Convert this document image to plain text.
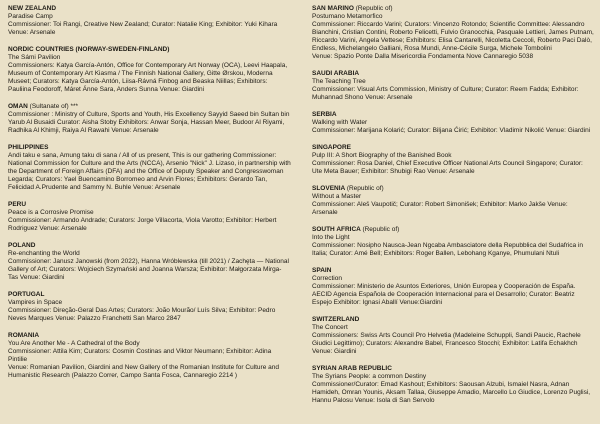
NEW ZEALAND

Paradise Camp

Commissioner: Toi Rangi, Creative New Zealand; Curator: Natalie King; Exhibitor: Yuki Kihara Venue: Arsenale

NORDIC COUNTRIES (NORWAY-SWEDEN-FINLAND)

The Sámi Pavilion

Commissioners: Katya García-Antón, Office for Contemporary Art Norway (OCA), Leevi Haapala, Museum of Contemporary Art Kiasma / The Finnish National Gallery, Gitte Ørskou, Moderna Museet; Curators: Katya García-Antón, Liisa-Rávná Finbog and Beaska Niillas; Exhibitors: Pauliina Feodoroff, Máret Ánne Sara, Anders Sunna Venue: Giardini

OMAN (Sultanate of) ***

Commissioner : Ministry of Culture, Sports and Youth, His Excellency Sayyid Saeed bin Sultan bin Yarub Al Busaidi Curator: Aisha Stoby Exhibitors: Anwar Sonja, Hassan Meer, Budoor Al Riyami, Radhika Al Khimji, Raiya Al Rawahi Venue: Arsenale

PHILIPPINES

Andi taku e sana, Amung taku di sana / All of us present, This is our gathering Commissioner: National Commission for Culture and the Arts (NCCA), Arsenio "Nick" J. Lizaso, in partnership with the Department of Foreign Affairs (DFA) and the Office of Deputy Speaker and Congresswoman Legarda; Curators: Yael Buencamino Borromeo and Arvin Flores; Exhibitors: Gerardo Tan, Felicidad A.Prudente and Sammy N. Buhle Venue: Arsenale

PERU

Peace is a Corrosive Promise

Commissioner: Armando Andrade; Curators: Jorge Villacorta, Viola Varotto; Exhibitor: Herbert Rodriguez Venue: Arsenale

POLAND

Re-enchanting the World

Commissioner: Janusz Janowski (from 2022), Hanna Wróblewska (till 2021) / Zachęta — National Gallery of Art; Curators: Wojciech Szymański and Joanna Warsza; Exhibitor: Małgorzata Mirga-Tas Venue: Giardini

PORTUGAL

Vampires in Space

Commissioner: Direção-Geral Das Artes; Curators: João Mourão/ Luís Silva; Exhibitor: Pedro Neves Marques Venue: Palazzo Franchetti San Marco 2847

ROMANIA

You Are Another Me - A Cathedral of the Body

Commissioner: Attila Kim; Curators: Cosmin Costinas and Viktor Neumann; Exhibitor: Adina Pintilie

Venue: Romanian Pavilion, Giardini and New Gallery of the Romanian Institute for Culture and Humanistic Research (Palazzo Correr, Campo Santa Fosca, Cannaregio 2214 )

SAN MARINO (Republic of)

Postumano Metamorfico

Commissioner: Riccardo Varini; Curators: Vincenzo Rotondo; Scientific Committee: Alessandro Bianchini, Cristian Contini, Roberto Felicetti, Fulvio Granocchia, Pasquale Lettieri, James Putnam, Riccardo Varini, Angela Vettese; Exhibitors: Elisa Cantarelli, Nicoletta Ceccoli, Roberto Paci Dalò, Endless, Michelangelo Galliani, Rosa Mundi, Anne-Cécile Surga, Michele Tombolini

Venue: Spazio Ponte Dalla Misericordia Fondamenta Nove Cannaregio 5038

SAUDI ARABIA

The Teaching Tree

Commissioner: Visual Arts Commission, Ministry of Culture; Curator: Reem Fadda; Exhibitor: Muhannad Shono Venue: Arsenale

SERBIA

Walking with Water

Commissioner: Marijana Kolarić; Curator: Biljana Ćirić; Exhibitor: Vladimir Nikolić Venue: Giardini

SINGAPORE

Pulp III: A Short Biography of the Banished Book

Commissioner: Rosa Daniel, Chief Executive Officer National Arts Council Singapore; Curator: Ute Meta Bauer; Exhibitor: Shubigi Rao Venue: Arsenale

SLOVENIA (Republic of)

Without a Master

Commissioner: Aleš Vaupotič; Curator: Robert Simonišek; Exhibitor: Marko Jakše Venue: Arsenale

SOUTH AFRICA (Republic of)

Into the Light

Commissioner: Nosipho Nausca-Jean Ngcaba Ambasciatore della Repubblica del Sudafrica in Italia; Curator: Amé Bell; Exhibitors: Roger Ballen, Lebohang Kganye, Phumulani Ntuli

SPAIN

Correction

Commissioner: Ministerio de Asuntos Exteriores, Unión Europea y Cooperación de España. AECID Agencia Española de Cooperación Internacional para el Desarrollo; Curator: Beatriz Espejo Exhibitor: Ignasi Aballí Venue:Giardini

SWITZERLAND

The Concert

Commissioners: Swiss Arts Council Pro Helvetia (Madeleine Schuppli, Sandi Paucic, Rachele Giudici Legittimo); Curators: Alexandre Babel, Francesco Stocchi; Exhibitor: Latifa Echakhch Venue: Giardini

SYRIAN ARAB REPUBLIC

The Syrians People: a common Destiny

Commissioner/Curator: Emad Kashout; Exhibitors: Saousan Alzubi, Ismaiel Nasra, Adnan Hamideh, Omran Younis, Aksam Tallaa, Giuseppe Amadio, Marcello Lo Giudice, Lorenzo Puglisi, Hannu Palosu Venue: Isola di San Servolo
